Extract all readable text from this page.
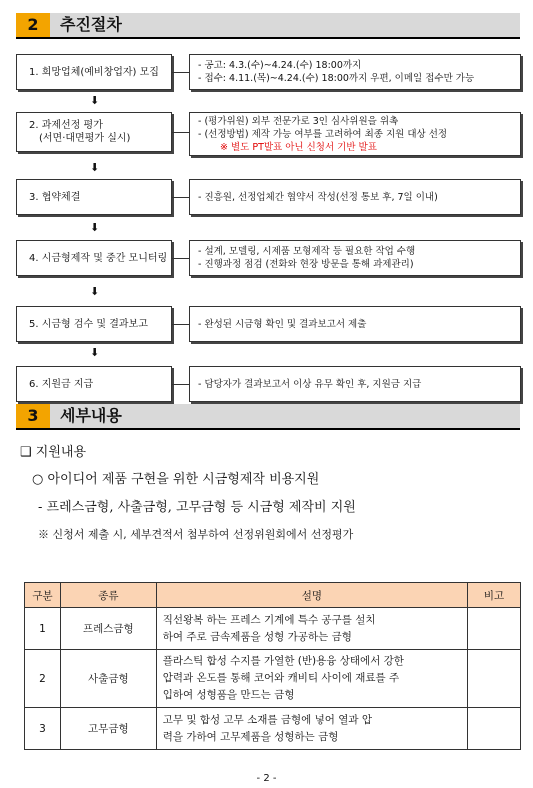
2	추진절차
1. 희망업체(예비창업자) 모집
- 공고: 4.3.(수)~4.24.(수) 18:00까지
- 접수: 4.11.(목)~4.24.(수) 18:00까지 우편, 이메일 접수만 가능
⬇
2. 과제선정 평가
(서면·대면평가 실시)
- (평가위원) 외부 전문가로 3인 심사위원을 위촉
- (선정방법) 제작 가능 여부를 고려하여 최종 지원 대상 선정
※ 별도 PT발표 아닌 신청서 기반 발표
⬇
3. 협약체결	- 진흥원, 선정업체간 협약서 작성(선정 통보 후, 7일 이내)
⬇
4. 시금형제작 및 중간 모니터링
- 설계, 모델링, 시제품 모형제작 등 필요한 작업 수행
- 진행과정 점검 (전화와 현장 방문을 통해 과제관리)
⬇
5. 시금형 검수 및 결과보고	- 완성된 시금형 확인 및 결과보고서 제출
⬇
6. 지원금 지급	- 담당자가 결과보고서 이상 유무 확인 후, 지원금 지급
3	세부내용
❑ 지원내용
○ 아이디어 제품 구현을 위한 시금형제작 비용지원
- 프레스금형, 사출금형, 고무금형 등 시금형 제작비 지원
※ 신청서 제출 시, 세부견적서 첨부하여 선정위원회에서 선정평가
구분	종류	설명	비고
1	프레스금형	직선왕복 하는 프레스 기계에 특수 공구를 설치
하여 주로 금속제품을 성형 가공하는 금형	

2	사출금형	플라스틱 합성 수지를 가열한 (반)용융 상태에서 강한
압력과 온도를 통해 코어와 캐비티 사이에 재료를 주
입하여 성형품을 만드는 금형	

3	고무금형	고무 및 합성 고무 소재를 금형에 넣어 열과 압
력을 가하여 고무제품을 성형하는 금형	

- 2 -
